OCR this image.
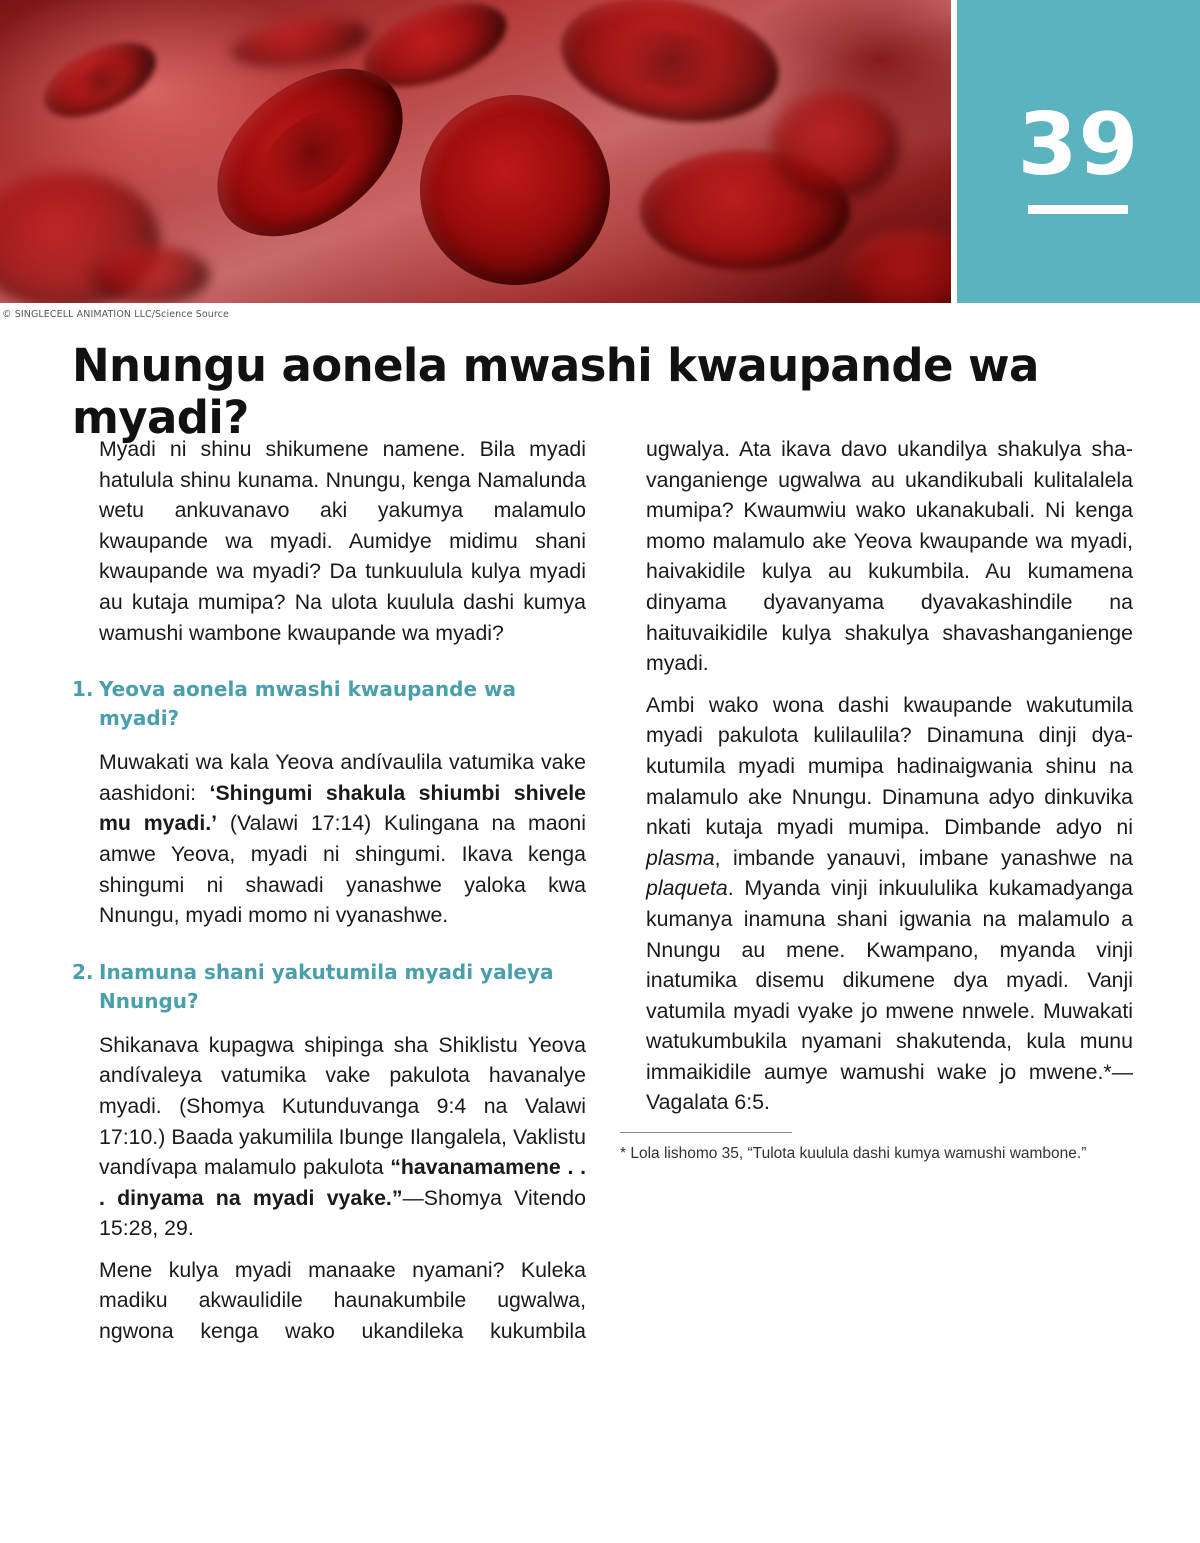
39
© SINGLECELL ANIMATION LLC/Science Source
Nnungu aonela mwashi kwaupande wa myadi?

Myadi ni shinu shikumene namene. Bila myadi hatulula shinu kunama. Nnungu, kenga Namalunda wetu ankuvanavo aki yakumya malamulo kwaupande wa myadi. Aumidye midimu shani kwaupande wa myadi? Da tunkuulula kulya myadi au kutaja mumipa? Na ulota kuulula dashi kumya wamushi wambone kwaupande wa myadi?

1. Yeova aonela mwashi kwaupande wa myadi?

Muwakati wa kala Yeova andívaulila vatumika vake aashidoni: ‘Shingumi shakula shiumbi shivele mu myadi.’ (Valawi 17:14) Kulingana na maoni amwe Yeova, myadi ni shingumi. Ikava kenga shingumi ni shawadi yanashwe yaloka kwa Nnungu, myadi momo ni vyanashwe.

2. Inamuna shani yakutumila myadi yaleya Nnungu?

Shikanava kupagwa shipinga sha Shiklistu Yeova andívaleya vatumika vake pakulota havanalye myadi. (Shomya Kutunduvanga 9:4 na Valawi 17:10.) Baada yakumilila Ibunge Ilangalela, Vaklistu vandívapa malamulo pakulota “havanamamene . . . dinyama na myadi vyake.”—Shomya Vitendo 15:28, 29.

Mene kulya myadi manaake nyamani? Kuleka madiku akwaulidile haunakumbile ugwalwa, ngwona kenga wako ukandileka kukumbila

ugwalya. Ata ikava davo ukandilya shakulya shavanganienge ugwalwa au ukandikubali kulitalalela mumipa? Kwaumwiu wako ukanakubali. Ni kenga momo malamulo ake Yeova kwaupande wa myadi, haivakidile kulya au kukumbila. Au kumamena dinyama dyavanyama dyavakashindile na haituvaikidile kulya shakulya shavashanganienge myadi.

Ambi wako wona dashi kwaupande wakutumila myadi pakulota kulilaulila? Dinamuna dinji dyakutumila myadi mumipa hadinaigwania shinu na malamulo ake Nnungu. Dinamuna adyo dinkuvika nkati kutaja myadi mumipa. Dimbande adyo ni plasma, imbande yanauvi, imbane yanashwe na plaqueta. Myanda vinji inkuululika kukamadyanga kumanya inamuna shani igwania na malamulo a Nnungu au mene. Kwampano, myanda vinji inatumika disemu dikumene dya myadi. Vanji vatumila myadi vyake jo mwene nnwele. Muwakati watukumbukila nyamani shakutenda, kula munu immaikidile aumye wamushi wake jo mwene.*—Vagalata 6:5.

* Lola lishomo 35, “Tulota kuulula dashi kumya wamushi wambone.”
